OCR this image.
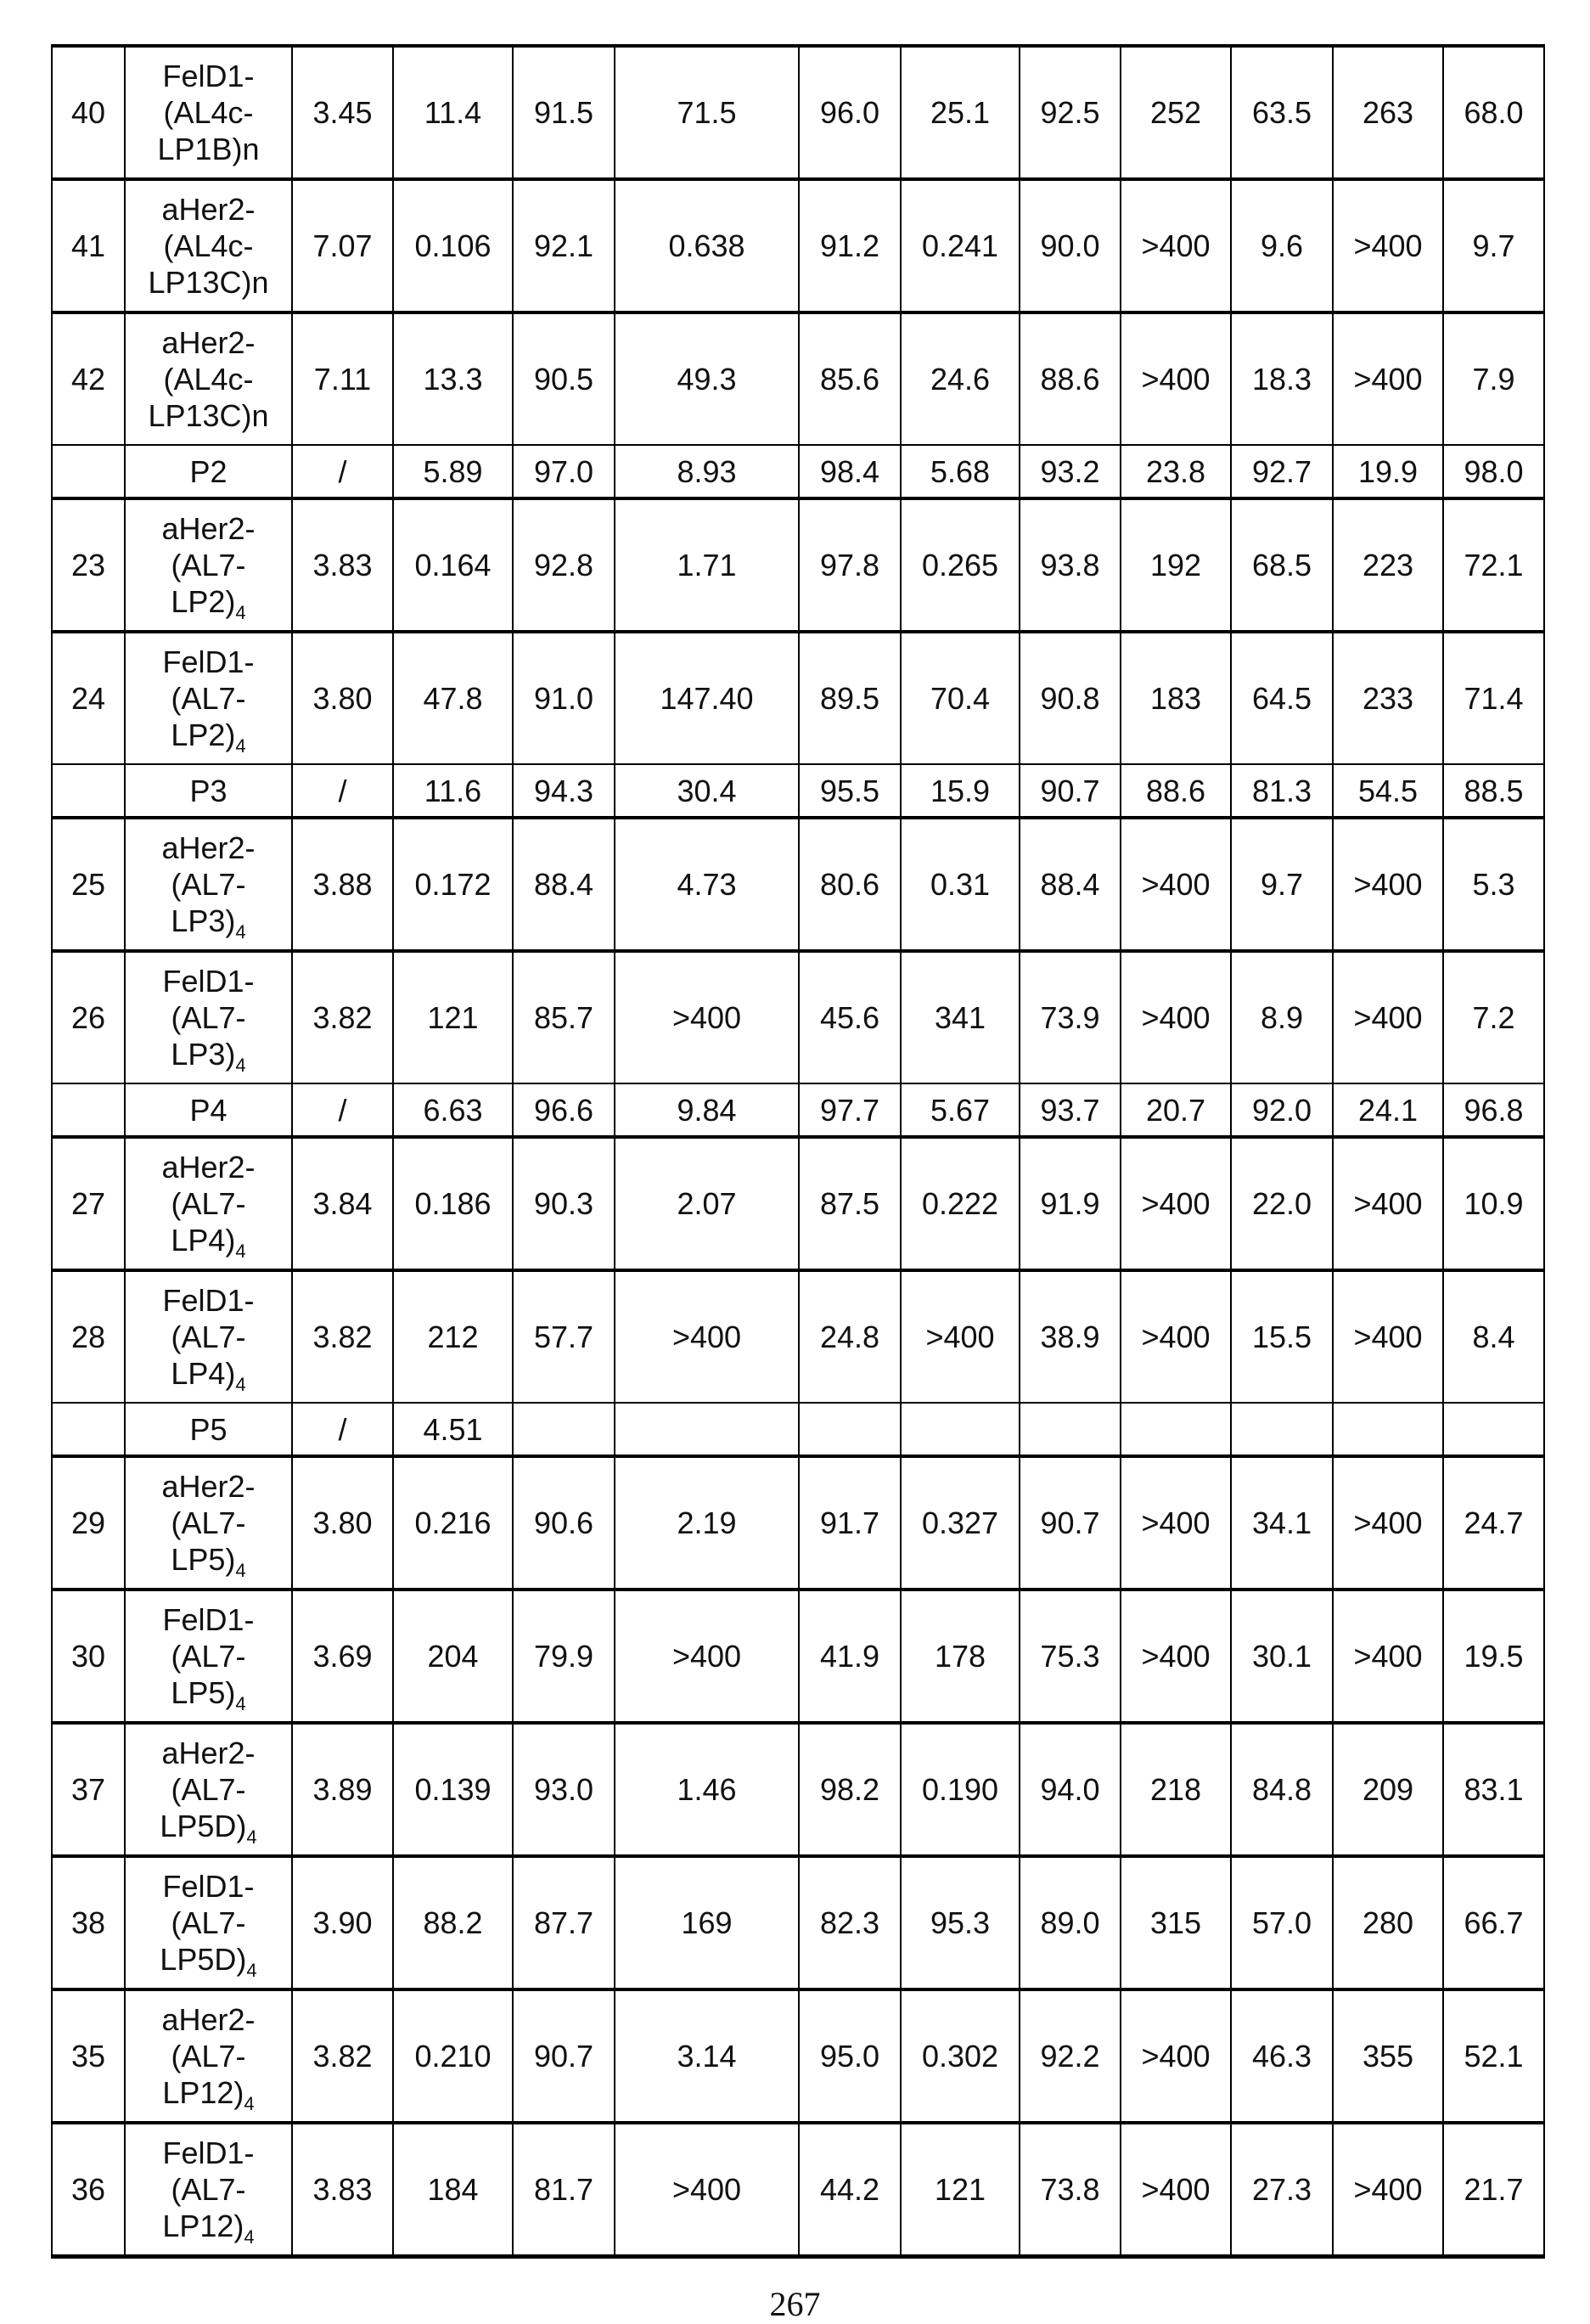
40	
FelD1-
(AL4c-
LP1B)n
	3.45	11.4	91.5	71.5	96.0	25.1	92.5	252	63.5	263	68.0
41	
aHer2-
(AL4c-
LP13C)n
	7.07	0.106	92.1	0.638	91.2	0.241	90.0	>400	9.6	>400	9.7
42	
aHer2-
(AL4c-
LP13C)n
	7.11	13.3	90.5	49.3	85.6	24.6	88.6	>400	18.3	>400	7.9

P2	/	5.89	97.0	8.93	98.4	5.68	93.2	23.8	92.7	19.9	98.0
23	
aHer2-
(AL7-
LP2)4
	3.83	0.164	92.8	1.71	97.8	0.265	93.8	192	68.5	223	72.1
24	
FelD1-
(AL7-
LP2)4
	3.80	47.8	91.0	147.40	89.5	70.4	90.8	183	64.5	233	71.4

P3	/	11.6	94.3	30.4	95.5	15.9	90.7	88.6	81.3	54.5	88.5
25	
aHer2-
(AL7-
LP3)4
	3.88	0.172	88.4	4.73	80.6	0.31	88.4	>400	9.7	>400	5.3
26	
FelD1-
(AL7-
LP3)4
	3.82	121	85.7	>400	45.6	341	73.9	>400	8.9	>400	7.2

P4	/	6.63	96.6	9.84	97.7	5.67	93.7	20.7	92.0	24.1	96.8
27	
aHer2-
(AL7-
LP4)4
	3.84	0.186	90.3	2.07	87.5	0.222	91.9	>400	22.0	>400	10.9
28	
FelD1-
(AL7-
LP4)4
	3.82	212	57.7	>400	24.8	>400	38.9	>400	15.5	>400	8.4

P5	/	4.51									
29	
aHer2-
(AL7-
LP5)4
	3.80	0.216	90.6	2.19	91.7	0.327	90.7	>400	34.1	>400	24.7
30	
FelD1-
(AL7-
LP5)4
	3.69	204	79.9	>400	41.9	178	75.3	>400	30.1	>400	19.5
37	
aHer2-
(AL7-
LP5D)4
	3.89	0.139	93.0	1.46	98.2	0.190	94.0	218	84.8	209	83.1
38	
FelD1-
(AL7-
LP5D)4
	3.90	88.2	87.7	169	82.3	95.3	89.0	315	57.0	280	66.7
35	
aHer2-
(AL7-
LP12)4
	3.82	0.210	90.7	3.14	95.0	0.302	92.2	>400	46.3	355	52.1
36	
FelD1-
(AL7-
LP12)4
	3.83	184	81.7	>400	44.2	121	73.8	>400	27.3	>400	21.7
267
